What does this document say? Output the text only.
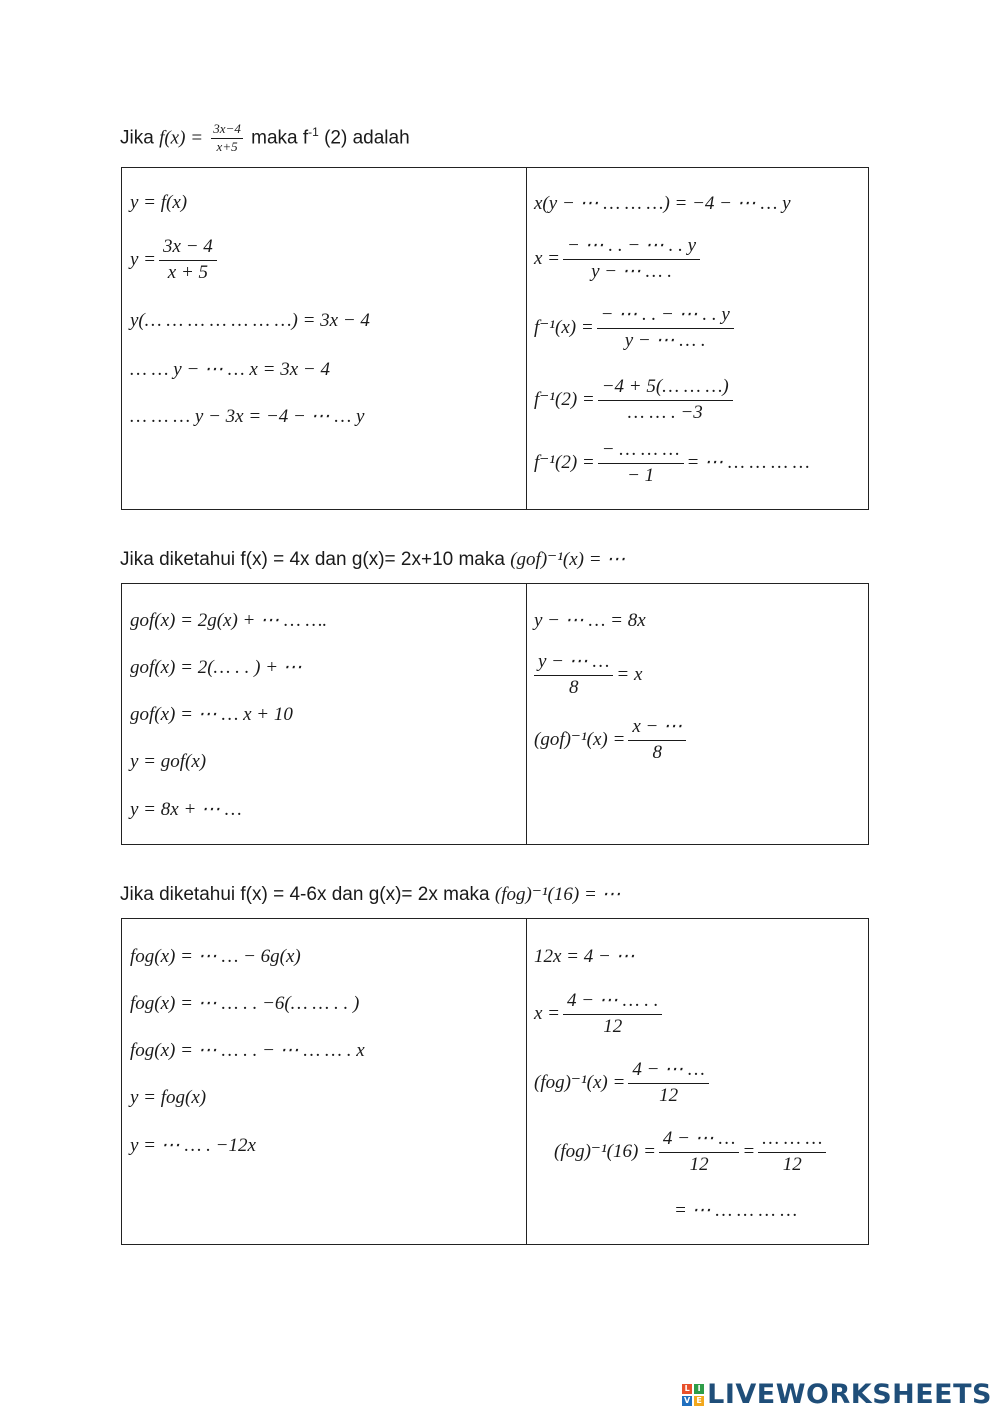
Jika $f(x) = \frac{3x-4}{x+5}$ maka $f^{-1}$ (2) adalah
y = f(x)
$y = \frac{3x - 4}{x + 5}$
y(… … … … … … …) = 3x − 4
… … y − ⋯ … x = 3x − 4
… … … y − 3x = −4 − ⋯ … y
x(y − ⋯ … … …) = −4 − ⋯ … y
$x = \frac{- \cdots . . - \cdots . . y}{y - \cdots \dots .}$
$f^{-1}(x) = \frac{- \cdots . . - \cdots . . y}{y - \cdots \dots .}$
$f^{-1}(2) = \frac{-4 + 5(\dots \dots \dots)}{\dots \dots . -3}$
$f^{-1}(2) = \frac{- \dots \dots \dots}{- 1}$ = ⋯ … … … …
Jika diketahui f(x) = 4x dan g(x)= 2x+10 maka (gof)⁻¹(x) = ⋯
gof(x) = 2g(x) + ⋯ … ….
gof(x) = 2(… . . ) + ⋯
gof(x) = ⋯ … x + 10
y = gof(x)
y = 8x + ⋯ …
y − ⋯ … = 8x
$\frac{y - \cdots \dots}{8} = x$
$(gof)^{-1}(x) = \frac{x - \cdots}{8}$
Jika diketahui f(x) = 4-6x dan g(x)= 2x maka (fog)⁻¹(16) = ⋯
fog(x) = ⋯ … − 6g(x)
fog(x) = ⋯ … . . −6(… … . . )
fog(x) = ⋯ … . . − ⋯ … … . x
y = fog(x)
y = ⋯ … . −12x
12x = 4 − ⋯
$x = \frac{4 - \cdots \dots . .}{12}$
$(fog)^{-1}(x) = \frac{4 - \cdots \dots}{12}$
$(fog)^{-1}(16) = \frac{4 - \cdots \dots}{12} = \frac{\dots \dots \dots}{12}$
= ⋯ … … … …
L I
V E LIVEWORKSHEETS
